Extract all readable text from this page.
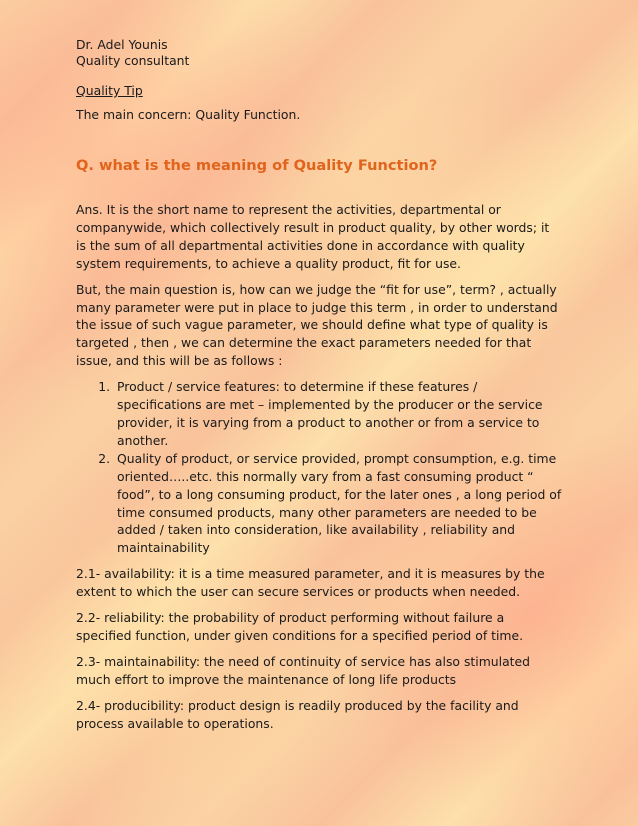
Dr. Adel Younis
Quality consultant
Quality Tip
The main concern: Quality Function.
Q. what is the meaning of Quality Function?

Ans. It is the short name to represent the activities, departmental or companywide, which collectively result in product quality, by other words; it is the sum of all departmental activities done in accordance with quality system requirements, to achieve a quality product, fit for use.

But, the main question is, how can we judge the “fit for use”, term? , actually many parameter were put in place to judge this term , in order to understand the issue of such vague parameter, we should define what type of quality is targeted , then , we can determine the exact parameters needed for that issue, and this will be as follows :

1. Product / service features: to determine if these features / specifications are met – implemented by the producer or the service provider, it is varying from a product to another or from a service to another.
2. Quality of product, or service provided, prompt consumption, e.g. time oriented…..etc. this normally vary from a fast consuming product “ food”, to a long consuming product, for the later ones , a long period of time consumed products, many other parameters are needed to be added / taken into consideration, like availability , reliability and maintainability

2.1- availability: it is a time measured parameter, and it is measures by the extent to which the user can secure services or products when needed.

2.2- reliability: the probability of product performing without failure a specified function, under given conditions for a specified period of time.

2.3- maintainability: the need of continuity of service has also stimulated much effort to improve the maintenance of long life products

2.4- producibility: product design is readily produced by the facility and process available to operations.
